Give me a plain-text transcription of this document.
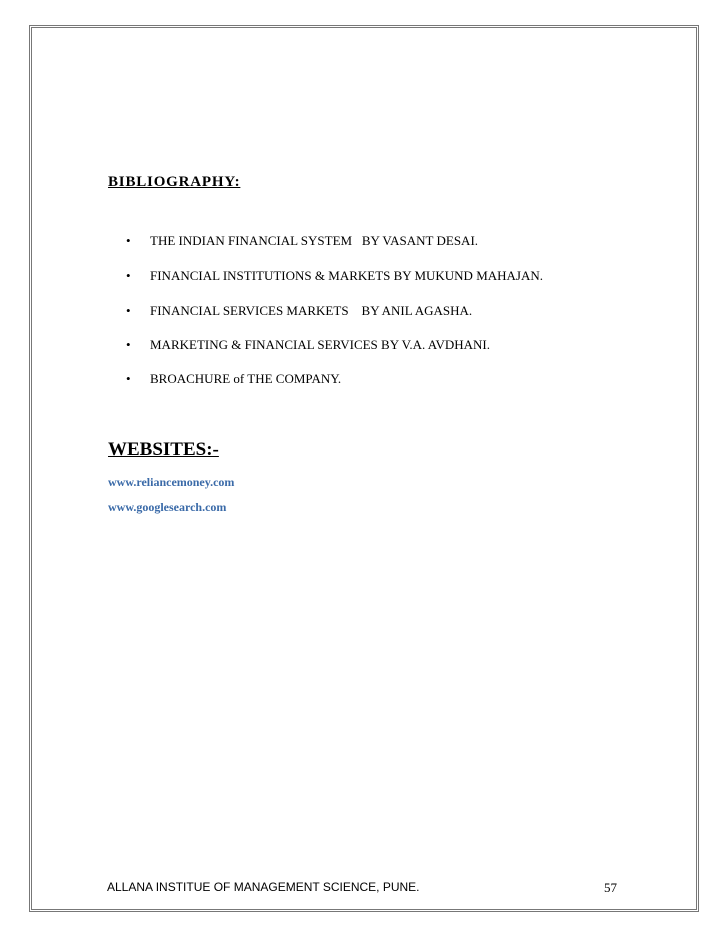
BIBLIOGRAPHY:
• THE INDIAN FINANCIAL SYSTEM   BY VASANT DESAI.
• FINANCIAL INSTITUTIONS & MARKETS BY MUKUND MAHAJAN.
• FINANCIAL SERVICES MARKETS    BY ANIL AGASHA.
• MARKETING & FINANCIAL SERVICES BY V.A. AVDHANI.
• BROACHURE of THE COMPANY.
WEBSITES:-
www.reliancemoney.com
www.googlesearch.com
ALLANA INSTITUE OF MANAGEMENT SCIENCE, PUNE.	57
